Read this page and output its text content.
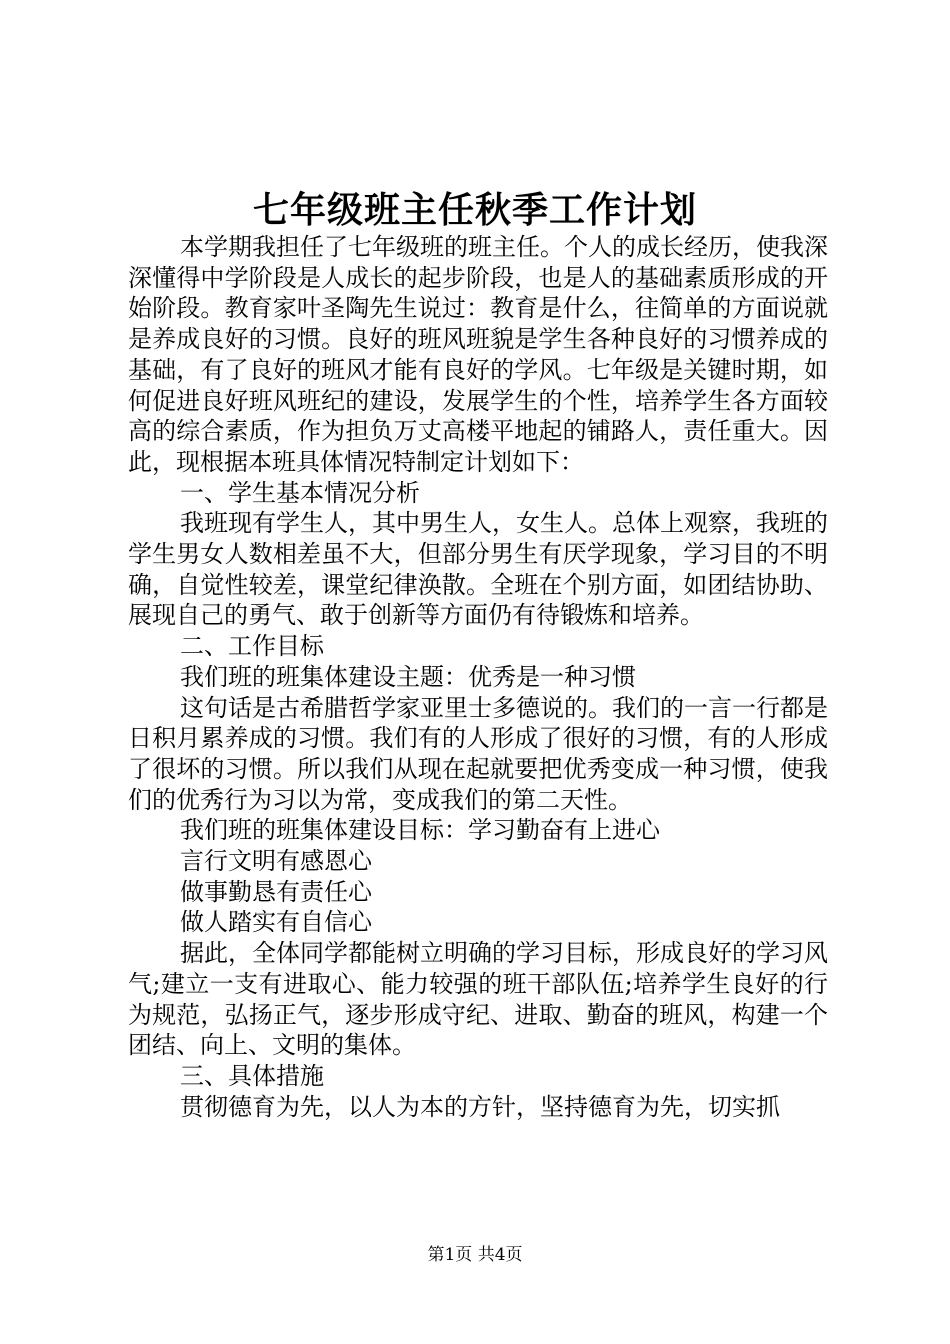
七年级班主任秋季工作计划

本学期我担任了七年级班的班主任。个人的成长经历，使我深深懂得中学阶段是人成长的起步阶段，也是人的基础素质形成的开始阶段。教育家叶圣陶先生说过：教育是什么，往简单的方面说就是养成良好的习惯。良好的班风班貌是学生各种良好的习惯养成的基础，有了良好的班风才能有良好的学风。七年级是关键时期，如何促进良好班风班纪的建设，发展学生的个性，培养学生各方面较高的综合素质，作为担负万丈高楼平地起的铺路人，责任重大。因此，现根据本班具体情况特制定计划如下：

一、学生基本情况分析

我班现有学生人，其中男生人，女生人。总体上观察，我班的学生男女人数相差虽不大，但部分男生有厌学现象，学习目的不明确，自觉性较差，课堂纪律涣散。全班在个别方面，如团结协助、展现自己的勇气、敢于创新等方面仍有待锻炼和培养。

二、工作目标

我们班的班集体建设主题：优秀是一种习惯

这句话是古希腊哲学家亚里士多德说的。我们的一言一行都是日积月累养成的习惯。我们有的人形成了很好的习惯，有的人形成了很坏的习惯。所以我们从现在起就要把优秀变成一种习惯，使我们的优秀行为习以为常，变成我们的第二天性。

我们班的班集体建设目标：学习勤奋有上进心

言行文明有感恩心

做事勤恳有责任心

做人踏实有自信心

据此，全体同学都能树立明确的学习目标，形成良好的学习风气;建立一支有进取心、能力较强的班干部队伍;培养学生良好的行为规范，弘扬正气，逐步形成守纪、进取、勤奋的班风，构建一个团结、向上、文明的集体。

三、具体措施

贯彻德育为先，以人为本的方针，坚持德育为先，切实抓

第1页 共4页
